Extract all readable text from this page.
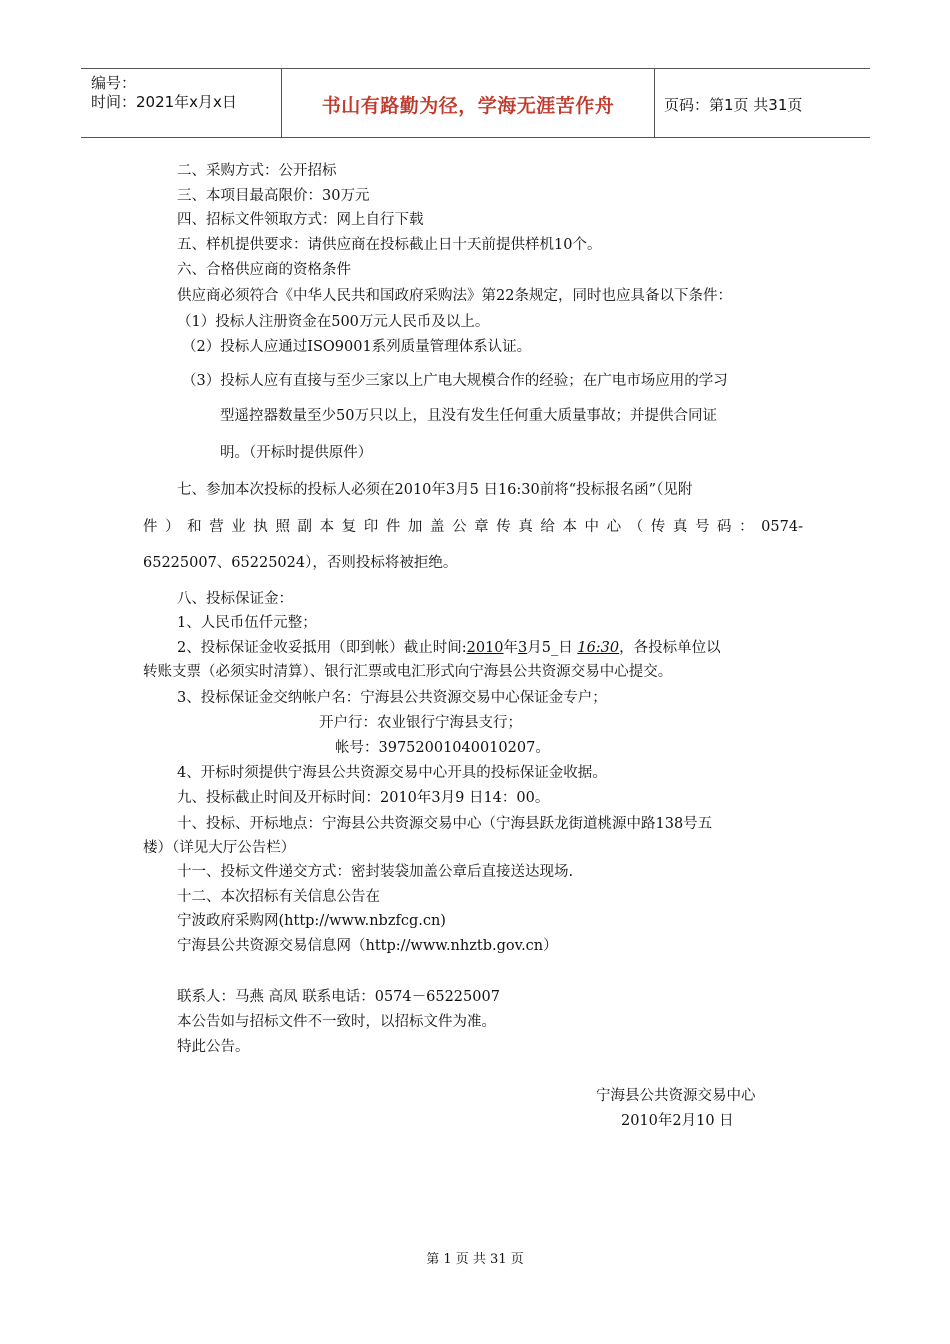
编号：
时间：2021年x月x日	书山有路勤为径，学海无涯苦作舟	页码：第1页 共31页

二、采购方式：公开招标

三、本项目最高限价：30万元

四、招标文件领取方式：网上自行下载

五、样机提供要求：请供应商在投标截止日十天前提供样机10个。

六、合格供应商的资格条件

供应商必须符合《中华人民共和国政府采购法》第22条规定，同时也应具备以下条件：

（1）投标人注册资金在500万元人民币及以上。

（2）投标人应通过ISO9001系列质量管理体系认证。

（3）投标人应有直接与至少三家以上广电大规模合作的经验；在广电市场应用的学习

型遥控器数量至少50万只以上，且没有发生任何重大质量事故；并提供合同证

明。（开标时提供原件）

七、参加本次投标的投标人必须在2010年3月5 日16:30前将“投标报名函”（见附

件）和营业执照副本复印件加盖公章传真给本中心（传真号码：0574-

65225007、65225024），否则投标将被拒绝。

八、投标保证金：

1、人民币伍仟元整；

2、投标保证金收妥抵用（即到帐）截止时间:2010年3月5_日 16:30，各投标单位以

转账支票（必须实时清算）、银行汇票或电汇形式向宁海县公共资源交易中心提交。

3、投标保证金交纳帐户名：宁海县公共资源交易中心保证金专户；

开户行：农业银行宁海县支行；

帐号：39752001040010207。

4、开标时须提供宁海县公共资源交易中心开具的投标保证金收据。

九、投标截止时间及开标时间：2010年3月9 日14：00。

十、投标、开标地点：宁海县公共资源交易中心（宁海县跃龙街道桃源中路138号五

楼）（详见大厅公告栏）

十一、投标文件递交方式：密封装袋加盖公章后直接送达现场.

十二、本次招标有关信息公告在

宁波政府采购网(http://www.nbzfcg.cn)

宁海县公共资源交易信息网（http://www.nhztb.gov.cn）

联系人：马燕 高凤 联系电话：0574－65225007

本公告如与招标文件不一致时，以招标文件为准。

特此公告。

宁海县公共资源交易中心

2010年2月10 日

第 1 页 共 31 页
